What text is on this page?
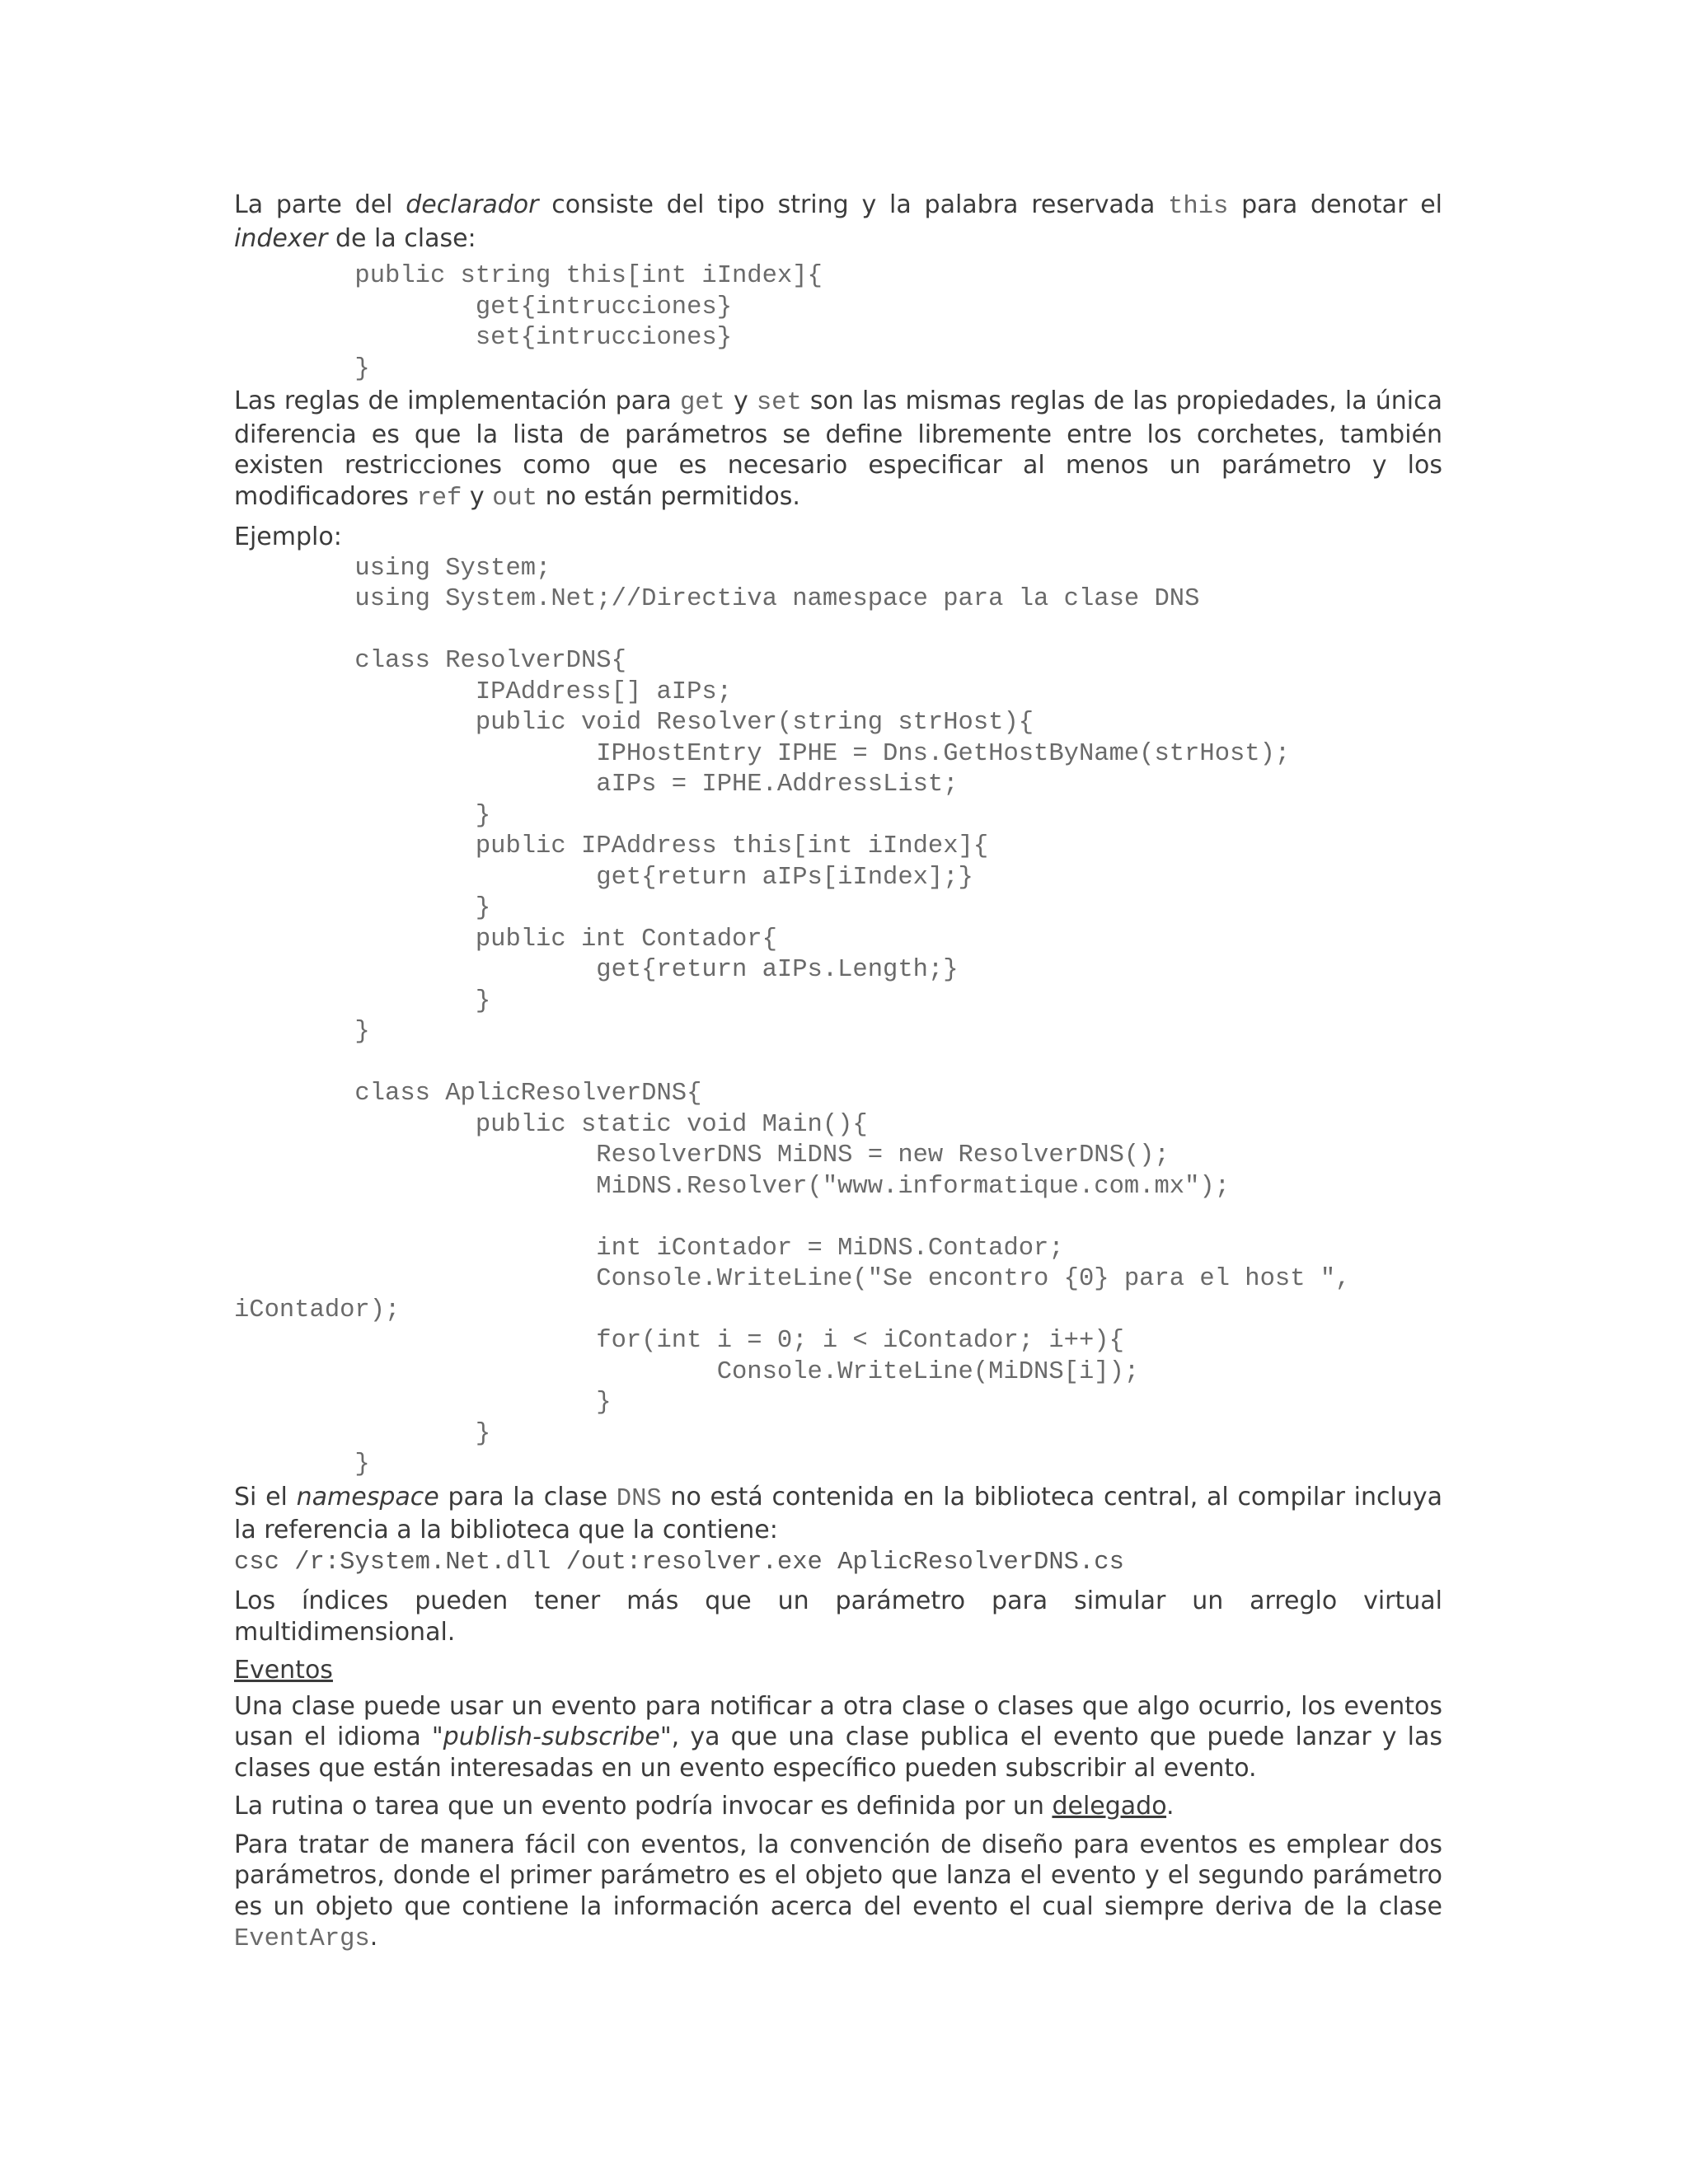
La parte del declarador consiste del tipo string y la palabra reservada this para denotar el indexer de la clase:

public string this[int iIndex]{
get{intrucciones}
set{intrucciones}
}

Las reglas de implementación para get y set son las mismas reglas de las propiedades, la única diferencia es que la lista de parámetros se define libremente entre los corchetes, también existen restricciones como que es necesario especificar al menos un parámetro y los modificadores ref y out no están permitidos.

Ejemplo:

using System;
using System.Net;//Directiva namespace para la clase DNS

class ResolverDNS{
IPAddress[] aIPs;
public void Resolver(string strHost){
IPHostEntry IPHE = Dns.GetHostByName(strHost);
aIPs = IPHE.AddressList;
}
public IPAddress this[int iIndex]{
get{return aIPs[iIndex];}
}
public int Contador{
get{return aIPs.Length;}
}
}

class AplicResolverDNS{
public static void Main(){
ResolverDNS MiDNS = new ResolverDNS();
MiDNS.Resolver("www.informatique.com.mx");

int iContador = MiDNS.Contador;
Console.WriteLine("Se encontro {0} para el host ",
iContador);
for(int i = 0; i < iContador; i++){
Console.WriteLine(MiDNS[i]);
}
}
}

Si el namespace para la clase DNS no está contenida en la biblioteca central, al compilar incluya la referencia a la biblioteca que la contiene:

csc /r:System.Net.dll /out:resolver.exe AplicResolverDNS.cs

Los índices pueden tener más que un parámetro para simular un arreglo virtual multidimensional.

Eventos

Una clase puede usar un evento para notificar a otra clase o clases que algo ocurrio, los eventos usan el idioma "publish-subscribe", ya que una clase publica el evento que puede lanzar y las clases que están interesadas en un evento específico pueden subscribir al evento.

La rutina o tarea que un evento podría invocar es definida por un delegado.

Para tratar de manera fácil con eventos, la convención de diseño para eventos es emplear dos parámetros, donde el primer parámetro es el objeto que lanza el evento y el segundo parámetro es un objeto que contiene la información acerca del evento el cual siempre deriva de la clase EventArgs.
